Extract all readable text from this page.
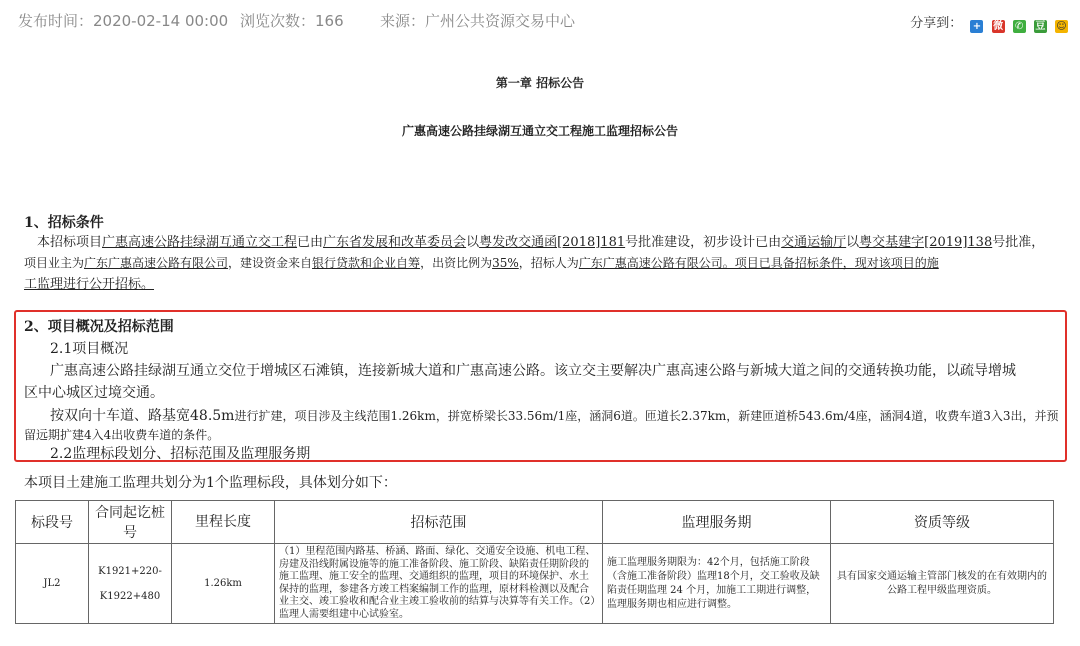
发布时间：2020-02-14 00:00 浏览次数：166 来源：广州公共资源交易中心	分享到： + 微 ✆ 豆 ☺
第一章 招标公告
广惠高速公路挂绿湖互通立交工程施工监理招标公告
1、招标条件
　本招标项目广惠高速公路挂绿湖互通立交工程已由广东省发展和改革委员会以粤发改交通函[2018]181号批准建设，初步设计已由交通运输厅以粤交基建字[2019]138号批准，
项目业主为广东广惠高速公路有限公司，建设资金来自银行贷款和企业自筹，出资比例为35%，招标人为广东广惠高速公路有限公司。项目已具备招标条件，现对该项目的施
工监理进行公开招标。
2、项目概况及招标范围
2.1项目概况
广惠高速公路挂绿湖互通立交位于增城区石滩镇，连接新城大道和广惠高速公路。该立交主要解决广惠高速公路与新城大道之间的交通转换功能，以疏导增城
区中心城区过境交通。
按双向十车道、路基宽48.5m进行扩建，项目涉及主线范围1.26km，拼宽桥梁长33.56m/1座，涵洞6道。匝道长2.37km，新建匝道桥543.6m/4座，涵洞4道，收费车道3入3出，并预
留远期扩建4入4出收费车道的条件。
2.2监理标段划分、招标范围及监理服务期
本项目土建施工监理共划分为1个监理标段，具体划分如下：
标段号	合同起讫桩号	里程长度	招标范围	监理服务期	资质等级
JL2	K1921+220-
K1922+480	1.26km	（1）里程范围内路基、桥涵、路面、绿化、交通安全设施、机电工程、房建及沿线附属设施等的施工准备阶段、施工阶段、缺陷责任期阶段的施工监理、施工安全的监理、交通组织的监理，项目的环境保护、水土保持的监理，参建各方竣工档案编制工作的监理，原材料检测以及配合业主交、竣工验收和配合业主竣工验收前的结算与决算等有关工作。（2）监理人需要组建中心试验室。	施工监理服务期限为：42个月，包括施工阶段（含施工准备阶段）监理18个月，交工验收及缺陷责任期监理 24 个月，加施工工期进行调整，监理服务期也相应进行调整。	具有国家交通运输主管部门核发的在有效期内的公路工程甲级监理资质。
